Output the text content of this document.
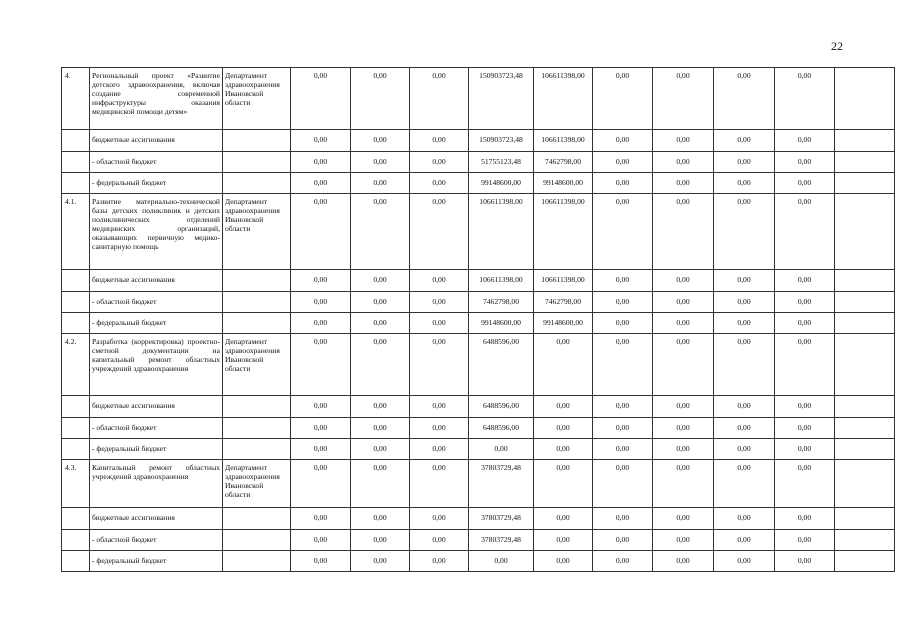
22
4.	Региональный проект «Развитие детского здравоохранения, включая создание современной инфраструктуры оказания медицинской помощи детям»	Департамент здравоохранения Ивановской области	0,00	0,00	0,00	150903723,48	106611398,00	0,00	0,00	0,00	0,00	
	бюджетные ассигнования		0,00	0,00	0,00	150903723,48	106611398,00	0,00	0,00	0,00	0,00	
	- областной бюджет		0,00	0,00	0,00	51755123,48	7462798,00	0,00	0,00	0,00	0,00	
	- федеральный бюджет		0,00	0,00	0,00	99148600,00	99148600,00	0,00	0,00	0,00	0,00	
4.1.	Развитие материально-технической базы детских поликлиник и детских поликлинических отделений медицинских организаций, оказывающих первичную медико-санитарную помощь	Департамент здравоохранения Ивановской области	0,00	0,00	0,00	106611398,00	106611398,00	0,00	0,00	0,00	0,00	
	бюджетные ассигнования		0,00	0,00	0,00	106611398,00	106611398,00	0,00	0,00	0,00	0,00	
	- областной бюджет		0,00	0,00	0,00	7462798,00	7462798,00	0,00	0,00	0,00	0,00	
	- федеральный бюджет		0,00	0,00	0,00	99148600,00	99148600,00	0,00	0,00	0,00	0,00	
4.2.	Разработка (корректировка) проектно-сметной документации на капитальный ремонт областных учреждений здравоохранения	Департамент здравоохранения Ивановской области	0,00	0,00	0,00	6488596,00	0,00	0,00	0,00	0,00	0,00	
	бюджетные ассигнования		0,00	0,00	0,00	6488596,00	0,00	0,00	0,00	0,00	0,00	
	- областной бюджет		0,00	0,00	0,00	6488596,00	0,00	0,00	0,00	0,00	0,00	
	- федеральный бюджет		0,00	0,00	0,00	0,00	0,00	0,00	0,00	0,00	0,00	
4.3.	Капитальный ремонт областных учреждений здравоохранения	Департамент здравоохранения Ивановской области	0,00	0,00	0,00	37803729,48	0,00	0,00	0,00	0,00	0,00	
	бюджетные ассигнования		0,00	0,00	0,00	37803729,48	0,00	0,00	0,00	0,00	0,00	
	- областной бюджет		0,00	0,00	0,00	37803729,48	0,00	0,00	0,00	0,00	0,00	
	- федеральный бюджет		0,00	0,00	0,00	0,00	0,00	0,00	0,00	0,00	0,00	
